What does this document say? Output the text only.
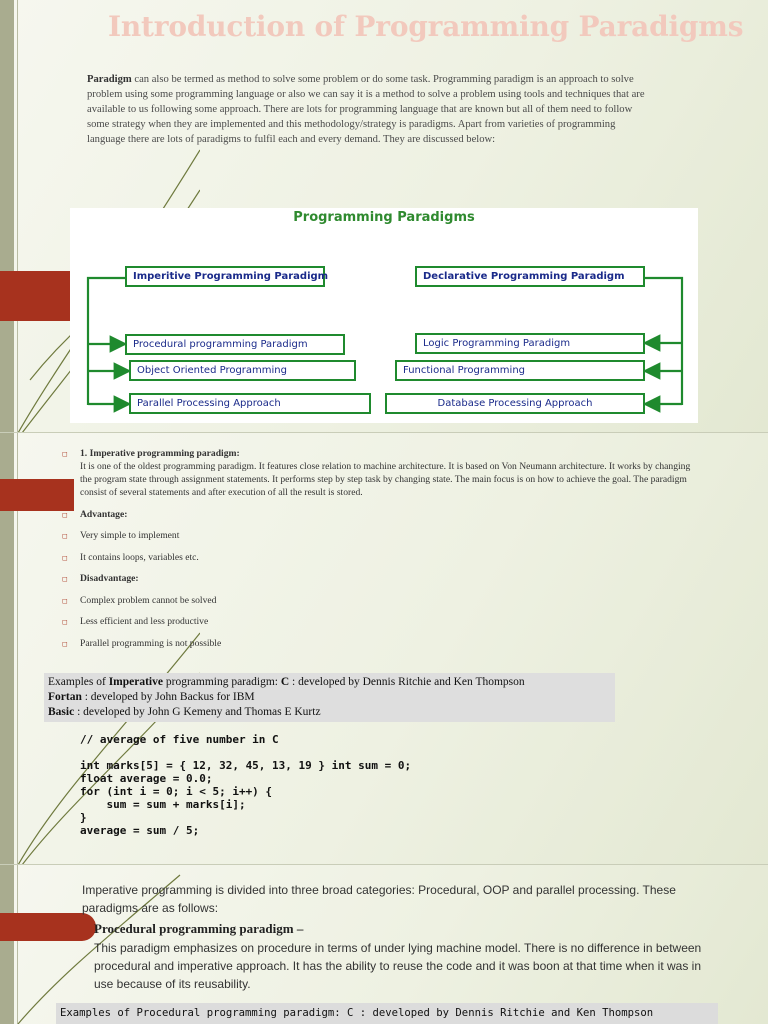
Introduction of Programming Paradigms

Paradigm can also be termed as method to solve some problem or do some task. Programming paradigm is an approach to solve problem using some programming language or also we can say it is a method to solve a problem using tools and techniques that are available to us following some approach. There are lots for programming language that are known but all of them need to follow some strategy when they are implemented and this methodology/strategy is paradigms. Apart from varieties of programming language there are lots of paradigms to fulfil each and every demand. They are discussed below:

Programming Paradigms
Imperitive Programming Paradigm	Declarative Programming Paradigm
Procedural programming Paradigm
Object Oriented Programming
Parallel Processing Approach
Logic Programming Paradigm
Functional Programming
Database Processing Approach
◻ 1. Imperative programming paradigm:
It is one of the oldest programming paradigm. It features close relation to machine architecture. It is based on Von Neumann architecture. It works by changing the program state through assignment statements. It performs step by step task by changing state. The main focus is on how to achieve the goal. The paradigm consist of several statements and after execution of all the result is stored.
◻ Advantage:
◻ Very simple to implement
◻ It contains loops, variables etc.
◻ Disadvantage:
◻ Complex problem cannot be solved
◻ Less efficient and less productive
◻ Parallel programming is not possible
Examples of Imperative programming paradigm: C : developed by Dennis Ritchie and Ken Thompson
Fortan : developed by John Backus for IBM
Basic : developed by John G Kemeny and Thomas E Kurtz
// average of five number in C

int marks[5] = { 12, 32, 45, 13, 19 } int sum = 0;
float average = 0.0;
for (int i = 0; i < 5; i++) {
sum = sum + marks[i];
}
average = sum / 5;
Imperative programming is divided into three broad categories: Procedural, OOP and parallel processing. These paradigms are as follows:
Procedural programming paradigm –
This paradigm emphasizes on procedure in terms of under lying machine model. There is no difference in between procedural and imperative approach. It has the ability to reuse the code and it was boon at that time when it was in use because of its reusability.
Examples of Procedural programming paradigm: C : developed by Dennis Ritchie and Ken Thompson
